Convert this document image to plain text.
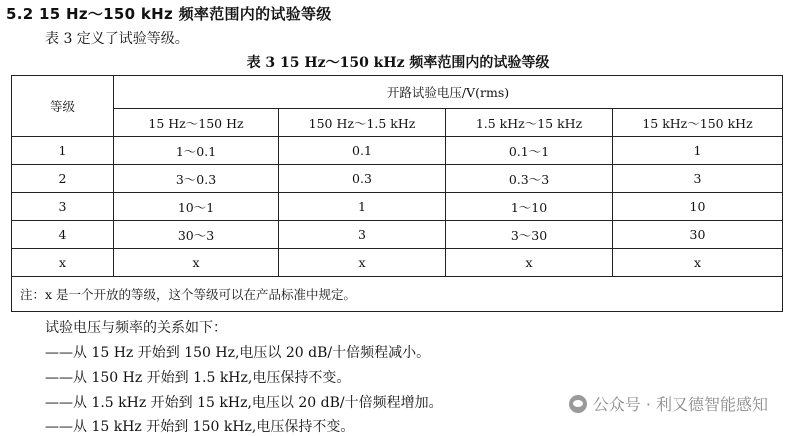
5.2 15 Hz～150 kHz 频率范围内的试验等级
表 3 定义了试验等级。
表 3 15 Hz～150 kHz 频率范围内的试验等级
等级	开路试验电压/V(rms)			
	15 Hz～150 Hz	150 Hz～1.5 kHz	1.5 kHz～15 kHz	15 kHz～150 kHz
1	1～0.1	0.1	0.1～1	1
2	3～0.3	0.3	0.3～3	3
3	10～1	1	1～10	10
4	30～3	3	3～30	30
x	x	x	x	x
注：x 是一个开放的等级，这个等级可以在产品标准中规定。				
试验电压与频率的关系如下：
——从 15 Hz 开始到 150 Hz,电压以 20 dB/十倍频程减小。
——从 150 Hz 开始到 1.5 kHz,电压保持不变。
——从 1.5 kHz 开始到 15 kHz,电压以 20 dB/十倍频程增加。
——从 15 kHz 开始到 150 kHz,电压保持不变。
公众号 · 利又德智能感知
